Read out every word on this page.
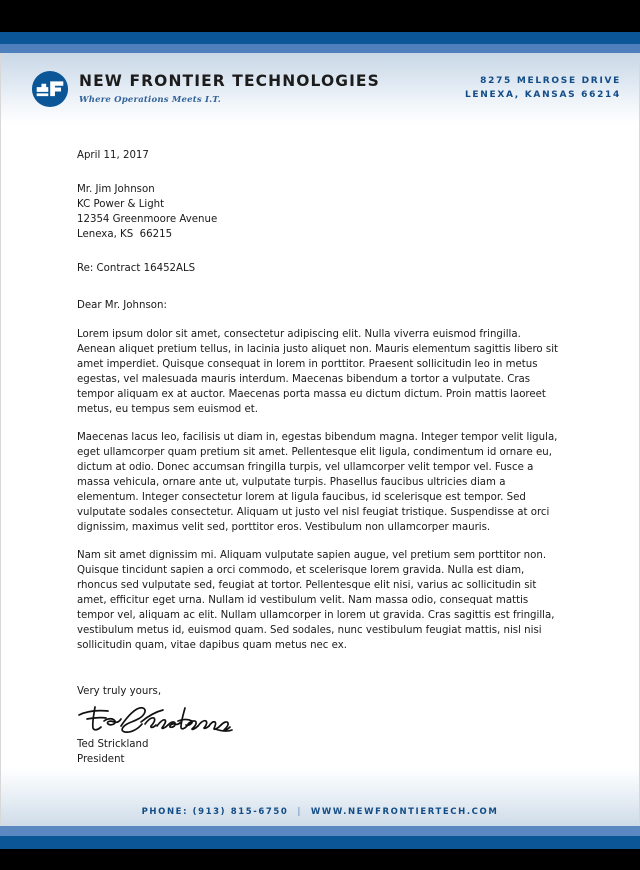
NEW FRONTIER TECHNOLOGIES
Where Operations Meets I.T.
8275 MELROSE DRIVE
LENEXA, KANSAS 66214
April 11, 2017
Mr. Jim Johnson
KC Power & Light
12354 Greenmoore Avenue
Lenexa, KS  66215
Re: Contract 16452ALS
Dear Mr. Johnson:

Lorem ipsum dolor sit amet, consectetur adipiscing elit. Nulla viverra euismod fringilla. Aenean aliquet pretium tellus, in lacinia justo aliquet non. Mauris elementum sagittis libero sit amet imperdiet. Quisque consequat in lorem in porttitor. Praesent sollicitudin leo in metus egestas, vel malesuada mauris interdum. Maecenas bibendum a tortor a vulputate. Cras tempor aliquam ex at auctor. Maecenas porta massa eu dictum dictum. Proin mattis laoreet metus, eu tempus sem euismod et.

Maecenas lacus leo, facilisis ut diam in, egestas bibendum magna. Integer tempor velit ligula, eget ullamcorper quam pretium sit amet. Pellentesque elit ligula, condimentum id ornare eu, dictum at odio. Donec accumsan fringilla turpis, vel ullamcorper velit tempor vel. Fusce a massa vehicula, ornare ante ut, vulputate turpis. Phasellus faucibus ultricies diam a elementum. Integer consectetur lorem at ligula faucibus, id scelerisque est tempor. Sed vulputate sodales consectetur. Aliquam ut justo vel nisl feugiat tristique. Suspendisse at orci dignissim, maximus velit sed, porttitor eros. Vestibulum non ullamcorper mauris.

Nam sit amet dignissim mi. Aliquam vulputate sapien augue, vel pretium sem porttitor non. Quisque tincidunt sapien a orci commodo, et scelerisque lorem gravida. Nulla est diam, rhoncus sed vulputate sed, feugiat at tortor. Pellentesque elit nisi, varius ac sollicitudin sit amet, efficitur eget urna. Nullam id vestibulum velit. Nam massa odio, consequat mattis tempor vel, aliquam ac elit. Nullam ullamcorper in lorem ut gravida. Cras sagittis est fringilla, vestibulum metus id, euismod quam. Sed sodales, nunc vestibulum feugiat mattis, nisl nisi sollicitudin quam, vitae dapibus quam metus nec ex.

Very truly yours,
Ted Strickland
President
PHONE: (913) 815-6750 | WWW.NEWFRONTIERTECH.COM
